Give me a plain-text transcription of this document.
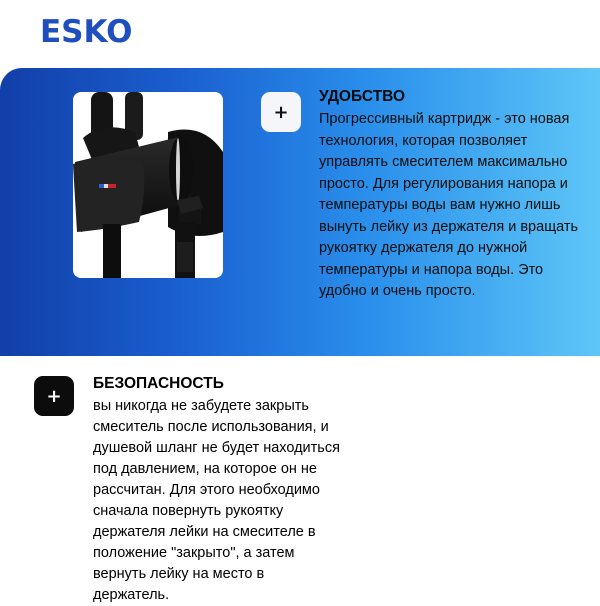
ESKO
+
УДОБСТВО
Прогрессивный картридж - это новая технология, которая позволяет управлять смесителем максимально просто. Для регулирования напора и температуры воды вам нужно лишь вынуть лейку из держателя и вращать рукоятку держателя до нужной температуры и напора воды. Это удобно и очень просто.
+
БЕЗОПАСНОСТЬ
вы никогда не забудете закрыть смеситель после использования, и душевой шланг не будет находиться под давлением, на которое он не рассчитан. Для этого необходимо сначала повернуть рукоятку держателя лейки на смесителе в положение "закрыто", а затем вернуть лейку на место в держатель.
